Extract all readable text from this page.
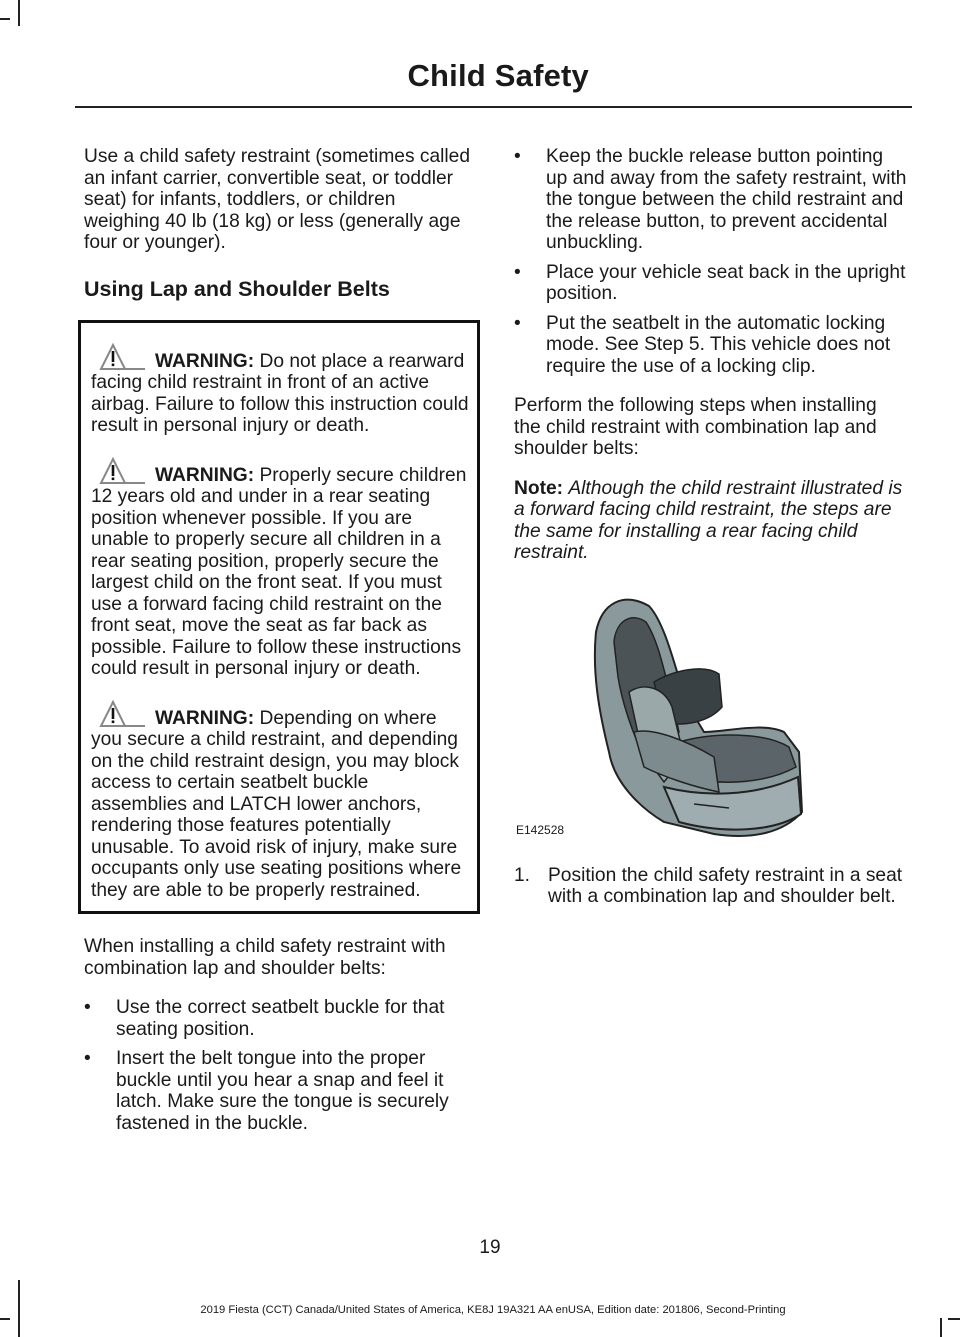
Child Safety

Use a child safety restraint (sometimes called an infant carrier, convertible seat, or toddler seat) for infants, toddlers, or children weighing 40 lb (18 kg) or less (generally age four or younger).

Using Lap and Shoulder Belts
WARNING: Do not place a rearward facing child restraint in front of an active airbag. Failure to follow this instruction could result in personal injury or death.
WARNING: Properly secure children 12 years old and under in a rear seating position whenever possible. If you are unable to properly secure all children in a rear seating position, properly secure the largest child on the front seat. If you must use a forward facing child restraint on the front seat, move the seat as far back as possible. Failure to follow these instructions could result in personal injury or death.
WARNING: Depending on where you secure a child restraint, and depending on the child restraint design, you may block access to certain seatbelt buckle assemblies and LATCH lower anchors, rendering those features potentially unusable. To avoid risk of injury, make sure occupants only use seating positions where they are able to be properly restrained.

When installing a child safety restraint with combination lap and shoulder belts:

• Use the correct seatbelt buckle for that seating position.
• Insert the belt tongue into the proper buckle until you hear a snap and feel it latch. Make sure the tongue is securely fastened in the buckle.
• Keep the buckle release button pointing up and away from the safety restraint, with the tongue between the child restraint and the release button, to prevent accidental unbuckling.
• Place your vehicle seat back in the upright position.
• Put the seatbelt in the automatic locking mode. See Step 5. This vehicle does not require the use of a locking clip.

Perform the following steps when installing the child restraint with combination lap and shoulder belts:

Note: Although the child restraint illustrated is a forward facing child restraint, the steps are the same for installing a rear facing child restraint.

E142528
1. Position the child safety restraint in a seat with a combination lap and shoulder belt.
19
2019 Fiesta (CCT) Canada/United States of America, KE8J 19A321 AA enUSA, Edition date: 201806, Second-Printing
